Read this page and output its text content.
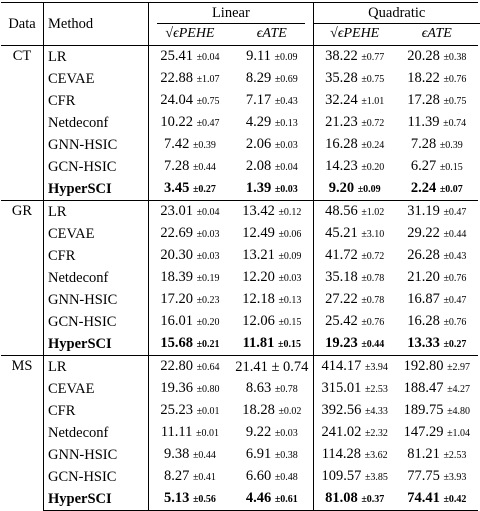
Data	Method	Linear		Quadratic	
		√ϵPEHE	ϵATE	√ϵPEHE	ϵATE
CT	LR	25.41 ±0.04	9.11 ±0.09	38.22 ±0.77	20.28 ±0.38
	CEVAE	22.88 ±1.07	8.29 ±0.69	35.28 ±0.75	18.22 ±0.76
	CFR	24.04 ±0.75	7.17 ±0.43	32.24 ±1.01	17.28 ±0.75
	Netdeconf	10.22 ±0.47	4.29 ±0.13	21.23 ±0.72	11.39 ±0.74
	GNN-HSIC	7.42 ±0.39	2.06 ±0.03	16.28 ±0.24	7.28 ±0.39
	GCN-HSIC	7.28 ±0.44	2.08 ±0.04	14.23 ±0.20	6.27 ±0.15
	HyperSCI	3.45 ±0.27	1.39 ±0.03	9.20 ±0.09	2.24 ±0.07
GR	LR	23.01 ±0.04	13.42 ±0.12	48.56 ±1.02	31.19 ±0.47
	CEVAE	22.69 ±0.03	12.49 ±0.06	45.21 ±3.10	29.22 ±0.44
	CFR	20.30 ±0.03	13.21 ±0.09	41.72 ±0.72	26.28 ±0.43
	Netdeconf	18.39 ±0.19	12.20 ±0.03	35.18 ±0.78	21.20 ±0.76
	GNN-HSIC	17.20 ±0.23	12.18 ±0.13	27.22 ±0.78	16.87 ±0.47
	GCN-HSIC	16.01 ±0.20	12.06 ±0.15	25.42 ±0.76	16.28 ±0.76
	HyperSCI	15.68 ±0.21	11.81 ±0.15	19.23 ±0.44	13.33 ±0.27
MS	LR	22.80 ±0.64	21.41 ± 0.74	414.17 ±3.94	192.80 ±2.97
	CEVAE	19.36 ±0.80	8.63 ±0.78	315.01 ±2.53	188.47 ±4.27
	CFR	25.23 ±0.01	18.28 ±0.02	392.56 ±4.33	189.75 ±4.80
	Netdeconf	11.11 ±0.01	9.22 ±0.03	241.02 ±2.32	147.29 ±1.04
	GNN-HSIC	9.38 ±0.44	6.91 ±0.38	114.28 ±3.62	81.21 ±2.53
	GCN-HSIC	8.27 ±0.41	6.60 ±0.48	109.57 ±3.85	77.75 ±3.93
	HyperSCI	5.13 ±0.56	4.46 ±0.61	81.08 ±0.37	74.41 ±0.42
